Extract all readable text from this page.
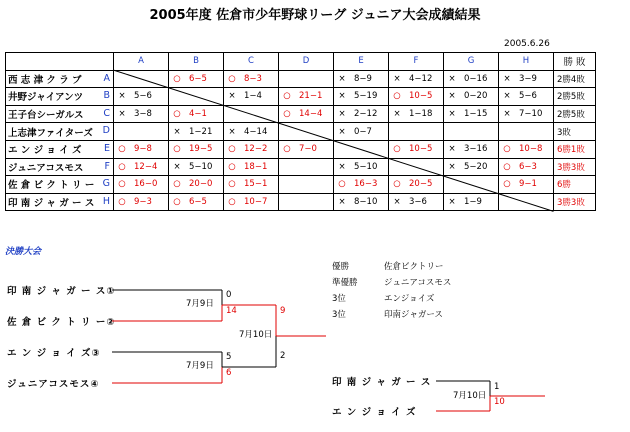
2005年度 佐倉市少年野球リーグ ジュニア大会成績結果
2005.6.26
	A	B	C	D	E	F	G	H	勝 敗
西 志 津 ク ラ ブ A		○ 6−5	○ 8−3		× 8−9	× 4−12	× 0−16	× 3−9	2勝4敗
井野ジャイアンツ B	× 5−6		× 1−4	○ 21−1	× 5−19	○ 10−5	× 0−20	× 5−6	2勝5敗
王子台シーガルス C	× 3−8	○ 4−1		○ 14−4	× 2−12	× 1−18	× 1−15	× 7−10	2勝5敗
上志津ファイターズ D		× 1−21	× 4−14		× 0−7				3敗
エ ン ジ ョ イ ズ E	○ 9−8	○ 19−5	○ 12−2	○ 7−0		○ 10−5	× 3−16	○ 10−8	6勝1敗
ジュニアコスモス F	○ 12−4	× 5−10	○ 18−1		× 5−10		× 5−20	○ 6−3	3勝3敗
佐 倉 ビ ク ト リ ー G	○ 16−0	○ 20−0	○ 15−1		○ 16−3	○ 20−5		○ 9−1	6勝
印 南 ジ ャ ガ ー ス H	○ 9−3	○ 6−5	○ 10−7		× 8−10	× 3−6	× 1−9		3勝3敗
決勝大会
印 南 ジ ャ ガ ー ス①
佐 倉 ビ ク ト リ ー②
エ ン ジ ョ イ ズ③
ジュニアコスモス④
7月9日
0
14
7月9日
5
6
7月10日
9
2
印 南 ジ ャ ガ ー ス
エ ン ジ ョ イ ズ
7月10日
1
10
優勝	佐倉ビクトリー
準優勝	ジュニアコスモス
3位	エンジョイズ
3位	印南ジャガース
